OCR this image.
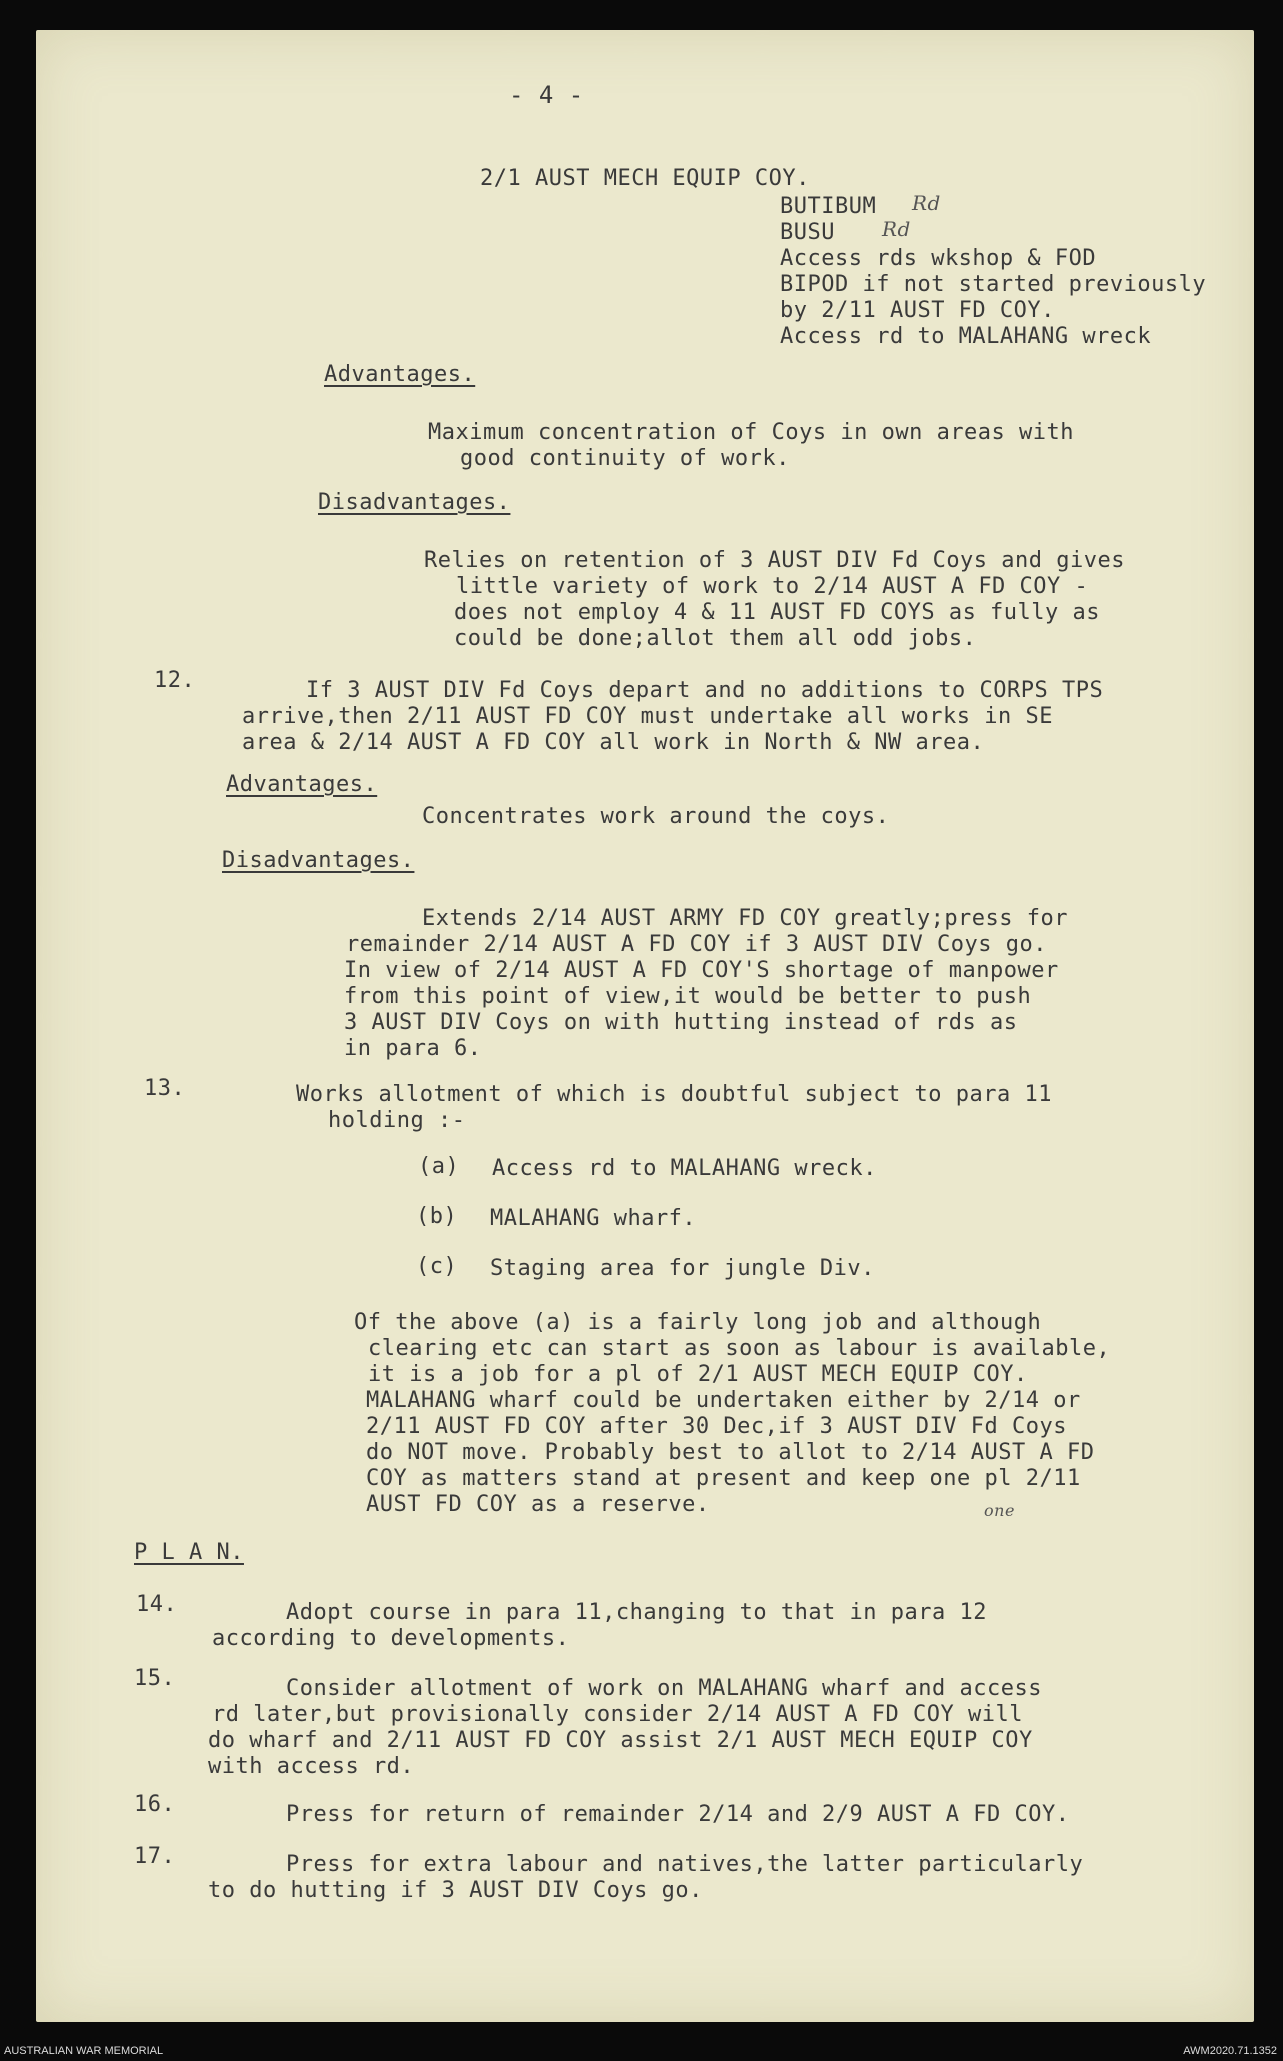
- 4 -
2/1 AUST MECH EQUIP COY.
BUTIBUM Rd
BUSU Rd
Access rds wkshop & FOD
BIPOD if not started previously
by 2/11 AUST FD COY.
Access rd to MALAHANG wreck
Advantages.
Maximum concentration of Coys in own areas with
good continuity of work.
Disadvantages.
Relies on retention of 3 AUST DIV Fd Coys and gives
little variety of work to 2/14 AUST A FD COY -
does not employ 4 & 11 AUST FD COYS as fully as
could be done;allot them all odd jobs.
12.	If 3 AUST DIV Fd Coys depart and no additions to CORPS TPS
arrive,then 2/11 AUST FD COY must undertake all works in SE
area & 2/14 AUST A FD COY all work in North & NW area.
Advantages.
Concentrates work around the coys.
Disadvantages.
Extends 2/14 AUST ARMY FD COY greatly;press for
remainder 2/14 AUST A FD COY if 3 AUST DIV Coys go.
In view of 2/14 AUST A FD COY'S shortage of manpower
from this point of view,it would be better to push
3 AUST DIV Coys on with hutting instead of rds as
in para 6.
13.	Works allotment of which is doubtful subject to para 11
holding :-
(a) Access rd to MALAHANG wreck.
(b) MALAHANG wharf.
(c) Staging area for jungle Div.
Of the above (a) is a fairly long job and although
clearing etc can start as soon as labour is available,
it is a job for a pl of 2/1 AUST MECH EQUIP COY.
MALAHANG wharf could be undertaken either by 2/14 or
2/11 AUST FD COY after 30 Dec,if 3 AUST DIV Fd Coys
do NOT move. Probably best to allot to 2/14 AUST A FD
COY as matters stand at present and keep one pl 2/11
AUST FD COY as a reserve.	one
P L A N.
14.	Adopt course in para 11,changing to that in para 12
according to developments.
15.	Consider allotment of work on MALAHANG wharf and access
rd later,but provisionally consider 2/14 AUST A FD COY will
do wharf and 2/11 AUST FD COY assist 2/1 AUST MECH EQUIP COY
with access rd.
16.	Press for return of remainder 2/14 and 2/9 AUST A FD COY.
17.	Press for extra labour and natives,the latter particularly
to do hutting if 3 AUST DIV Coys go.
AUSTRALIAN WAR MEMORIAL	AWM2020.71.1352
